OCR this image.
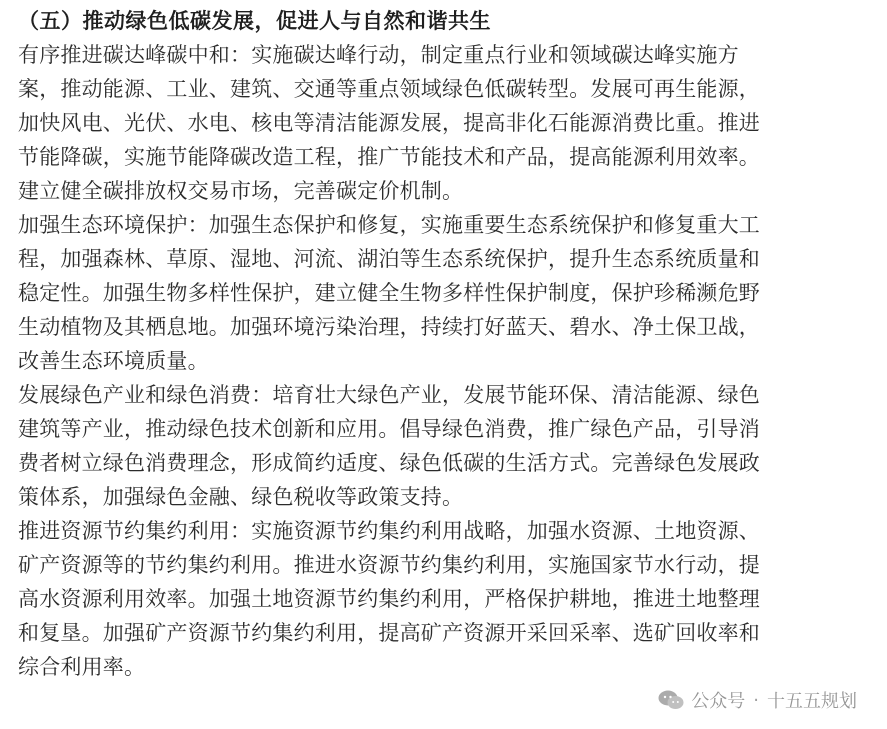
（五）推动绿色低碳发展，促进人与自然和谐共生
有序推进碳达峰碳中和：实施碳达峰行动，制定重点行业和领域碳达峰实施方
案，推动能源、工业、建筑、交通等重点领域绿色低碳转型。发展可再生能源，
加快风电、光伏、水电、核电等清洁能源发展，提高非化石能源消费比重。推进
节能降碳，实施节能降碳改造工程，推广节能技术和产品，提高能源利用效率。
建立健全碳排放权交易市场，完善碳定价机制。
加强生态环境保护：加强生态保护和修复，实施重要生态系统保护和修复重大工
程，加强森林、草原、湿地、河流、湖泊等生态系统保护，提升生态系统质量和
稳定性。加强生物多样性保护，建立健全生物多样性保护制度，保护珍稀濒危野
生动植物及其栖息地。加强环境污染治理，持续打好蓝天、碧水、净土保卫战，
改善生态环境质量。
发展绿色产业和绿色消费：培育壮大绿色产业，发展节能环保、清洁能源、绿色
建筑等产业，推动绿色技术创新和应用。倡导绿色消费，推广绿色产品，引导消
费者树立绿色消费理念，形成简约适度、绿色低碳的生活方式。完善绿色发展政
策体系，加强绿色金融、绿色税收等政策支持。
推进资源节约集约利用：实施资源节约集约利用战略，加强水资源、土地资源、
矿产资源等的节约集约利用。推进水资源节约集约利用，实施国家节水行动，提
高水资源利用效率。加强土地资源节约集约利用，严格保护耕地，推进土地整理
和复垦。加强矿产资源节约集约利用，提高矿产资源开采回采率、选矿回收率和
综合利用率。
公众号 · 十五五规划
